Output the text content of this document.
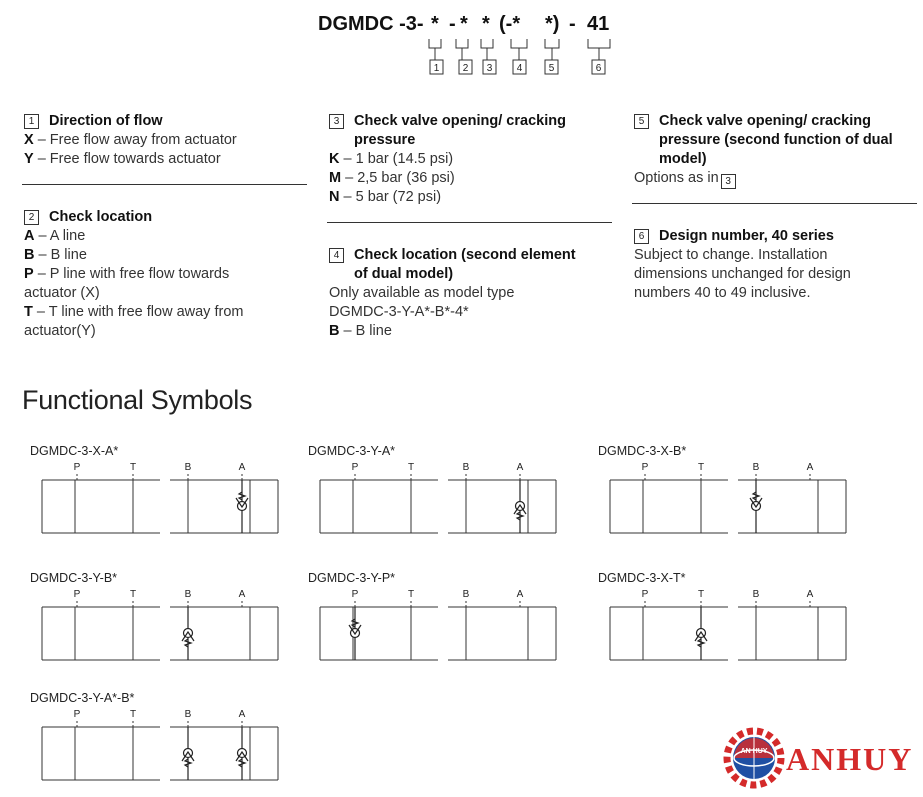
DGMDC -3- * - * * (-* *) - 41
1 2 3 4	5	6
1	Direction of flow
X – Free flow away from actuator
Y – Free flow towards actuator
2	Check location
A – A line
B – B line
P – P line with free flow towards actuator (X)
T – T line with free flow away from actuator(Y)
3	Check valve opening/ cracking
pressure
K – 1 bar (14.5 psi)
M – 2,5 bar (36 psi)
N – 5 bar (72 psi)
4	Check location (second element
of dual model)
Only available as model type
DGMDC-3-Y-A*-B*-4*
B – B line
5	Check valve opening/ cracking
pressure (second function of dual
model)
Options as in 3
6	Design number, 40 series
Subject to change. Installation
dimensions unchanged for design
numbers 40 to 49 inclusive.
Functional Symbols
DGMDC-3-X-A*
P	T	B	A
DGMDC-3-Y-A*
P	T	B	A
DGMDC-3-X-B*
P	T	B	A
DGMDC-3-Y-B*
P	T	B	A
DGMDC-3-Y-P*
P	T	B	A
DGMDC-3-X-T*
P	T	B	A
DGMDC-3-Y-A*-B*
P	T	B	A
AN HUY ANHUY
